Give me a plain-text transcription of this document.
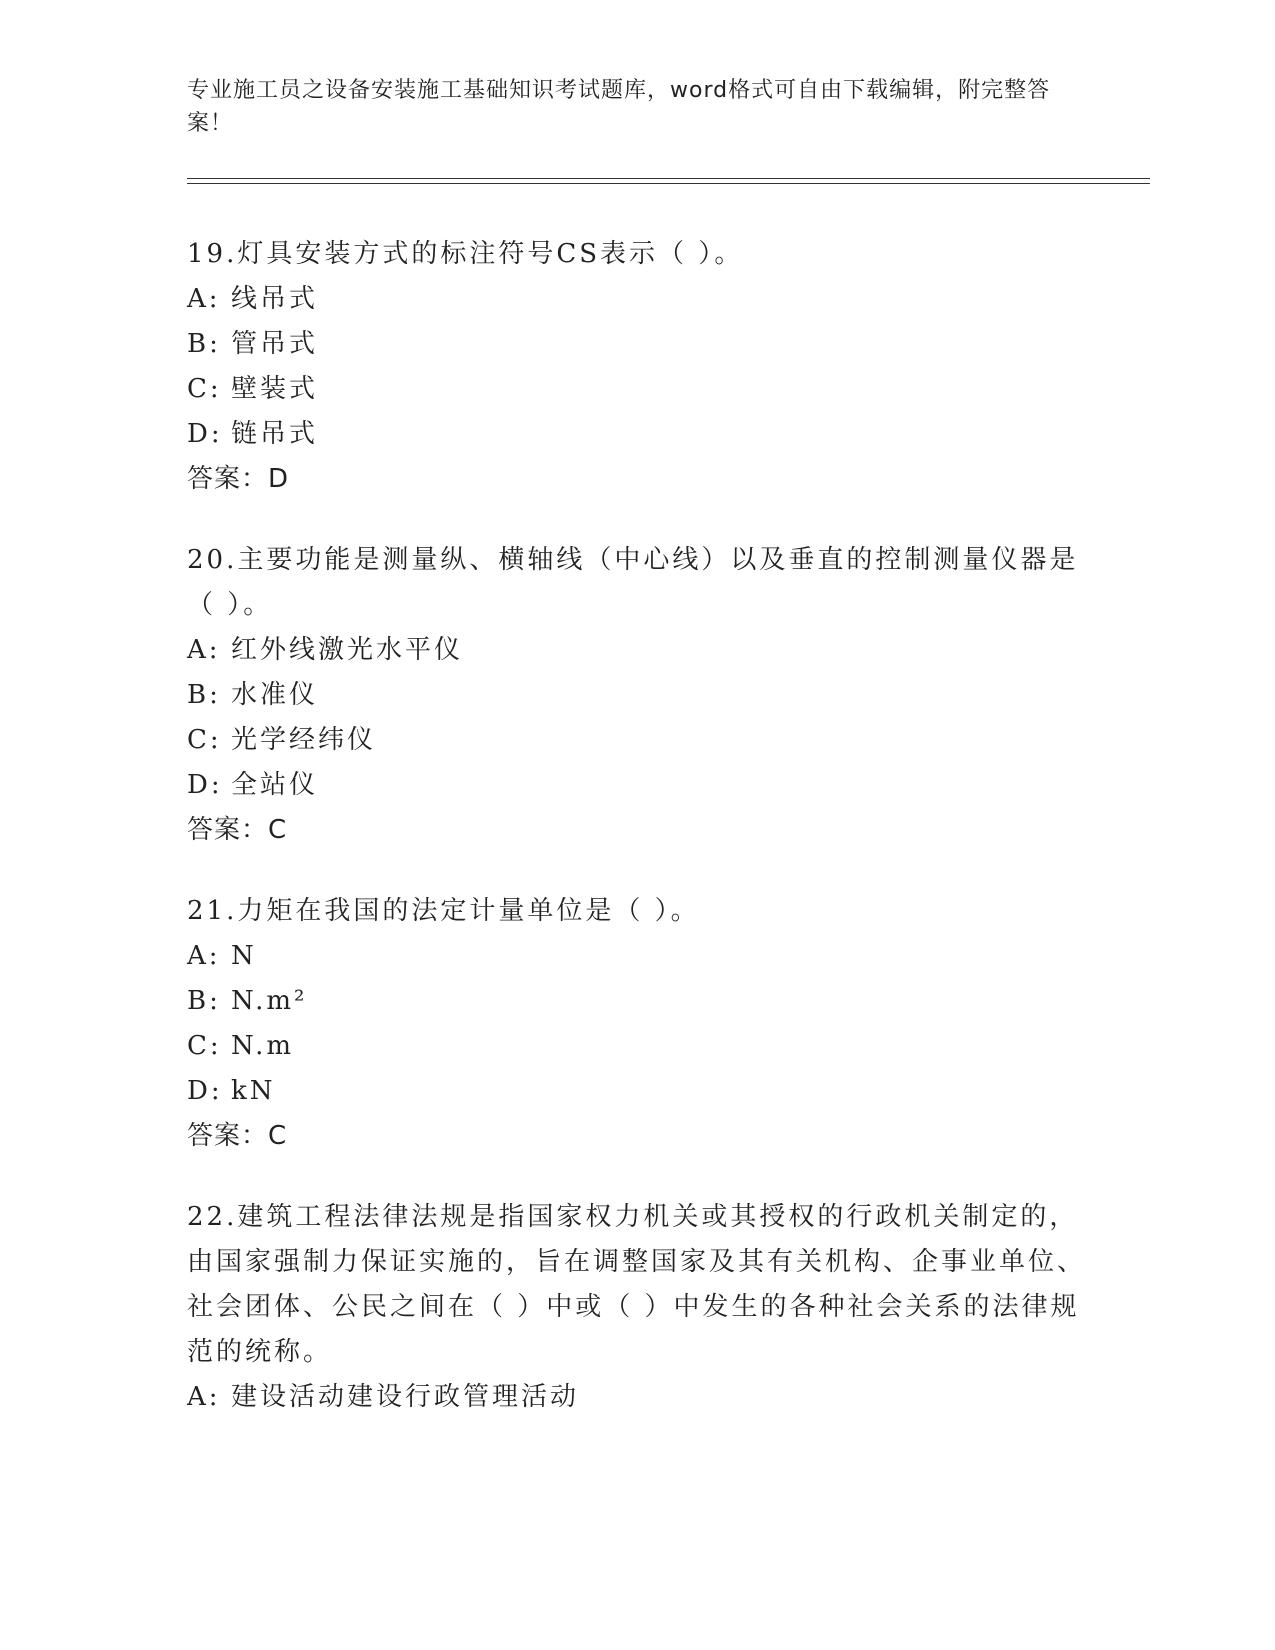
专业施工员之设备安装施工基础知识考试题库，word格式可自由下载编辑，附完整答案！

19.灯具安装方式的标注符号CS表示（ ）。

A: 线吊式

B: 管吊式

C: 壁装式

D: 链吊式

答案：D

20.主要功能是测量纵、横轴线（中心线）以及垂直的控制测量仪器是（ ）。

A: 红外线激光水平仪

B: 水准仪

C: 光学经纬仪

D: 全站仪

答案：C

21.力矩在我国的法定计量单位是（ ）。

A: N

B: N.m²

C: N.m

D: kN

答案：C

22.建筑工程法律法规是指国家权力机关或其授权的行政机关制定的，由国家强制力保证实施的，旨在调整国家及其有关机构、企事业单位、社会团体、公民之间在（ ）中或（ ）中发生的各种社会关系的法律规范的统称。

A: 建设活动建设行政管理活动
